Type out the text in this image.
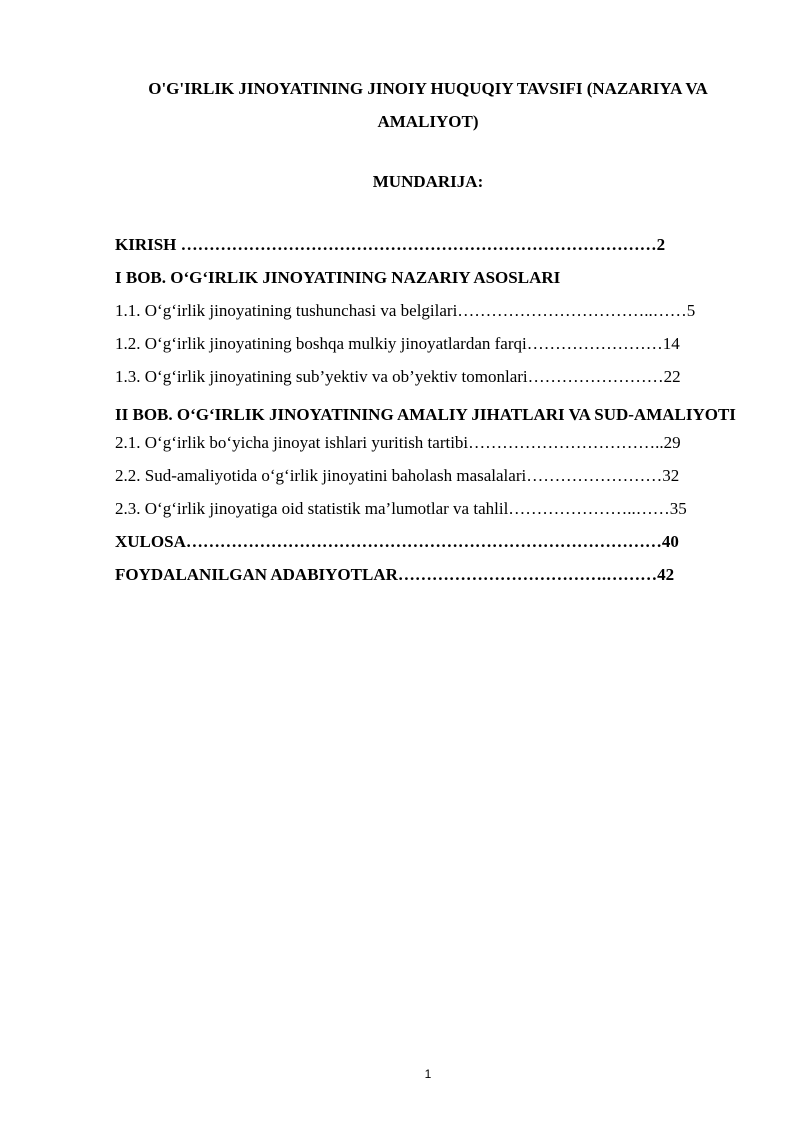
O'G'IRLIK JINOYATINING JINOIY HUQUQIY TAVSIFI (NAZARIYA VA AMALIYOT)
MUNDARIJA:
KIRISH …………………………………………………………………………2
I BOB. O‘G‘IRLIK JINOYATINING NAZARIY ASOSLARI
1.1. O‘g‘irlik jinoyatining tushunchasi va belgilari……………………………..……5
1.2. O‘g‘irlik jinoyatining boshqa mulkiy jinoyatlardan farqi……………………14
1.3. O‘g‘irlik jinoyatining sub’yektiv va ob’yektiv tomonlari……………………22
II BOB. O‘G‘IRLIK JINOYATINING AMALIY JIHATLARI VA SUD-AMALIYOTI
2.1. O‘g‘irlik bo‘yicha jinoyat ishlari yuritish tartibi……………………………..29
2.2. Sud-amaliyotida o‘g‘irlik jinoyatini baholash masalalari……………………32
2.3. O‘g‘irlik jinoyatiga oid statistik ma’lumotlar va tahlil…………………..……35
XULOSA…………………………………………………………………………40
FOYDALANILGAN ADABIYOTLAR……………………………….………42
1
